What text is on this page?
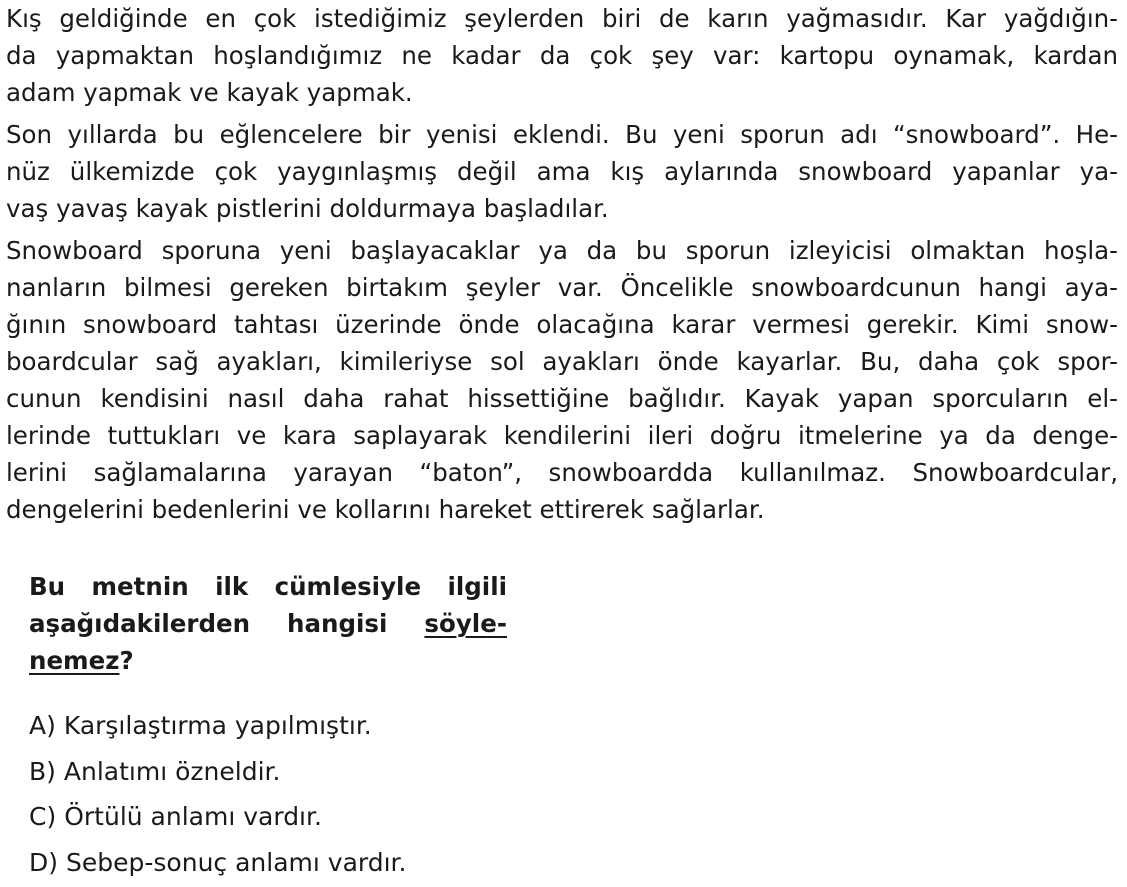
Kış geldiğinde en çok istediğimiz şeylerden biri de karın yağmasıdır. Kar yağdığın-
da yapmaktan hoşlandığımız ne kadar da çok şey var: kartopu oynamak, kardan
adam yapmak ve kayak yapmak.
Son yıllarda bu eğlencelere bir yenisi eklendi. Bu yeni sporun adı “snowboard”. He-
nüz ülkemizde çok yaygınlaşmış değil ama kış aylarında snowboard yapanlar ya-
vaş yavaş kayak pistlerini doldurmaya başladılar.
Snowboard sporuna yeni başlayacaklar ya da bu sporun izleyicisi olmaktan hoşla-
nanların bilmesi gereken birtakım şeyler var. Öncelikle snowboardcunun hangi aya-
ğının snowboard tahtası üzerinde önde olacağına karar vermesi gerekir. Kimi snow-
boardcular sağ ayakları, kimileriyse sol ayakları önde kayarlar. Bu, daha çok spor-
cunun kendisini nasıl daha rahat hissettiğine bağlıdır. Kayak yapan sporcuların el-
lerinde tuttukları ve kara saplayarak kendilerini ileri doğru itmelerine ya da denge-
lerini sağlamalarına yarayan “baton”, snowboardda kullanılmaz. Snowboardcular,
dengelerini bedenlerini ve kollarını hareket ettirerek sağlarlar.
Bu metnin ilk cümlesiyle ilgili
aşağıdakilerden hangisi söyle-
nemez?
A) Karşılaştırma yapılmıştır.
B) Anlatımı özneldir.
C) Örtülü anlamı vardır.
D) Sebep-sonuç anlamı vardır.
